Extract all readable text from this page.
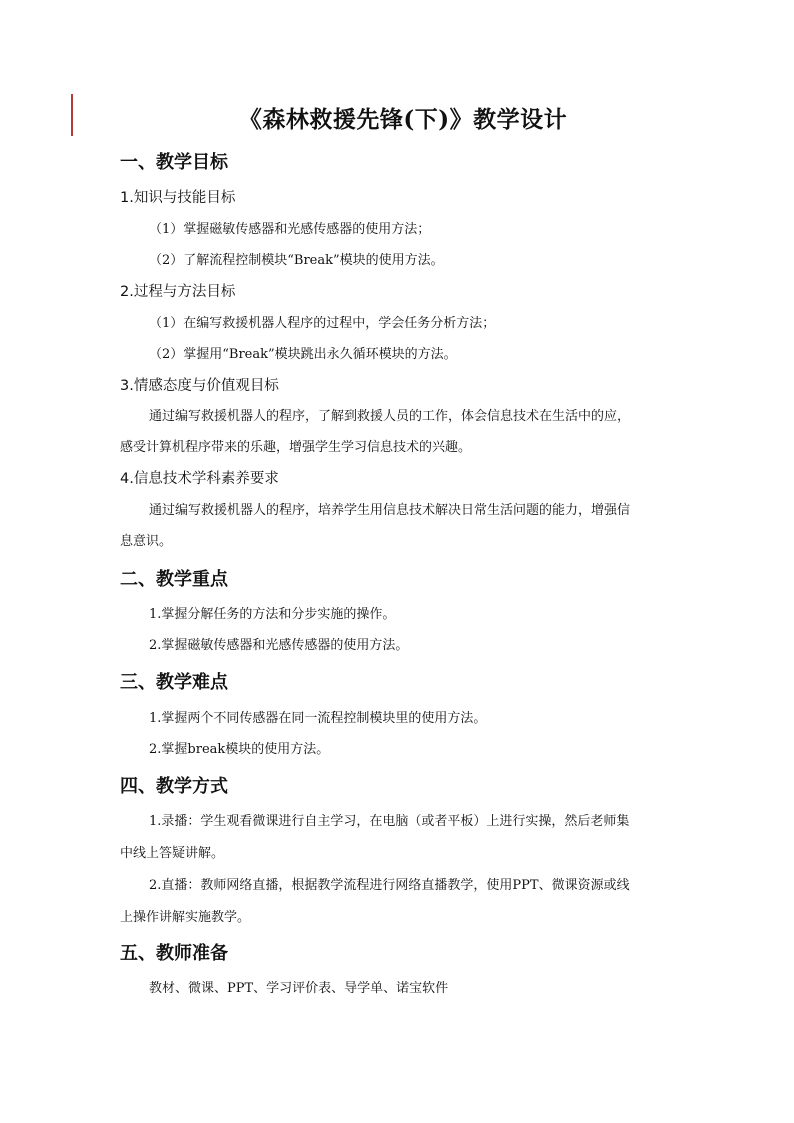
《森林救援先锋(下)》教学设计
一、教学目标

1.知识与技能目标

（1）掌握磁敏传感器和光感传感器的使用方法；

（2）了解流程控制模块“Break”模块的使用方法。

2.过程与方法目标

（1）在编写救援机器人程序的过程中，学会任务分析方法；

（2）掌握用“Break”模块跳出永久循环模块的方法。

3.情感态度与价值观目标

通过编写救援机器人的程序，了解到救援人员的工作，体会信息技术在生活中的应，

感受计算机程序带来的乐趣，增强学生学习信息技术的兴趣。

4.信息技术学科素养要求

通过编写救援机器人的程序，培养学生用信息技术解决日常生活问题的能力，增强信

息意识。

二、教学重点

1.掌握分解任务的方法和分步实施的操作。

2.掌握磁敏传感器和光感传感器的使用方法。

三、教学难点

1.掌握两个不同传感器在同一流程控制模块里的使用方法。

2.掌握break模块的使用方法。

四、教学方式

1.录播：学生观看微课进行自主学习，在电脑（或者平板）上进行实操，然后老师集

中线上答疑讲解。

2.直播：教师网络直播，根据教学流程进行网络直播教学，使用PPT、微课资源或线

上操作讲解实施教学。

五、教师准备

教材、微课、PPT、学习评价表、导学单、诺宝软件
